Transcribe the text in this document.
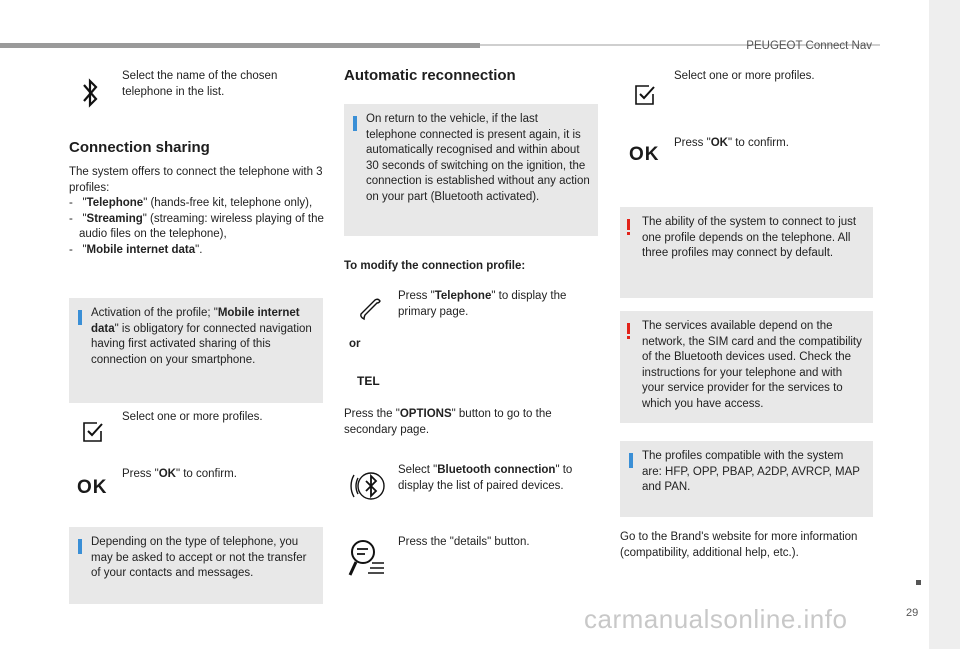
PEUGEOT Connect Nav
Select the name of the chosen telephone in the list.
Connection sharing
The system offers to connect the telephone with 3 profiles:
- "Telephone" (hands-free kit, telephone only),
- "Streaming" (streaming: wireless playing of the audio files on the telephone),
- "Mobile internet data".
Activation of the profile; "Mobile internet data" is obligatory for connected navigation having first activated sharing of this connection on your smartphone.
Select one or more profiles.
OK
Press "OK" to confirm.
Depending on the type of telephone, you may be asked to accept or not the transfer of your contacts and messages.
Automatic reconnection
On return to the vehicle, if the last telephone connected is present again, it is automatically recognised and within about 30 seconds of switching on the ignition, the connection is established without any action on your part (Bluetooth activated).
To modify the connection profile:
Press "Telephone" to display the primary page.
or
TEL
Press the "OPTIONS" button to go to the secondary page.
Select "Bluetooth connection" to display the list of paired devices.
Press the "details" button.
Select one or more profiles.
OK
Press "OK" to confirm.
The ability of the system to connect to just one profile depends on the telephone. All three profiles may connect by default.
The services available depend on the network, the SIM card and the compatibility of the Bluetooth devices used. Check the instructions for your telephone and with your service provider for the services to which you have access.
The profiles compatible with the system are: HFP, OPP, PBAP, A2DP, AVRCP, MAP and PAN.
Go to the Brand's website for more information (compatibility, additional help, etc.).
29
carmanualsonline.info
